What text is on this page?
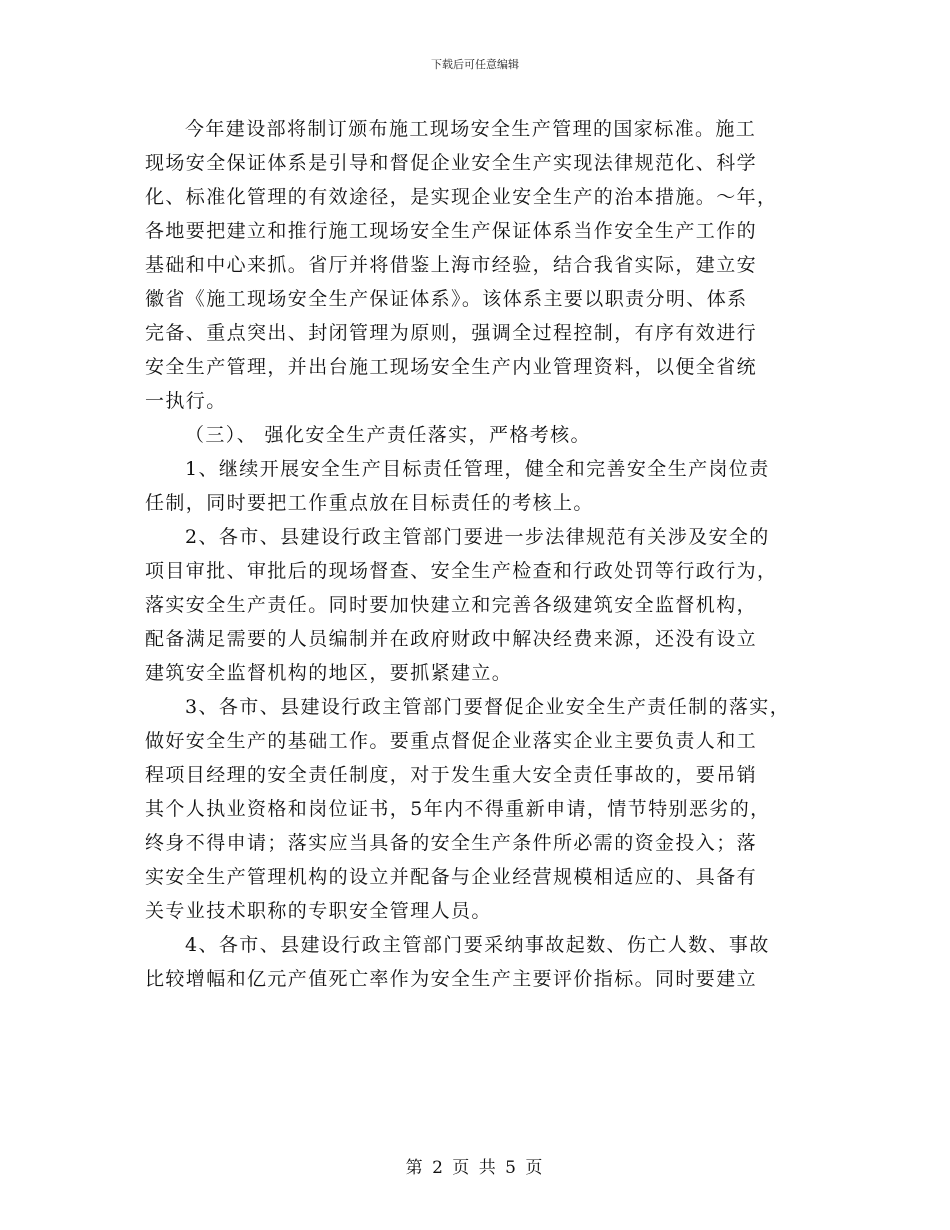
下载后可任意编辑
今年建设部将制订颁布施工现场安全生产管理的国家标准。施工
现场安全保证体系是引导和督促企业安全生产实现法律规范化、科学
化、标准化管理的有效途径，是实现企业安全生产的治本措施。～年，
各地要把建立和推行施工现场安全生产保证体系当作安全生产工作的
基础和中心来抓。省厅并将借鉴上海市经验，结合我省实际，建立安
徽省《施工现场安全生产保证体系》。该体系主要以职责分明、体系
完备、重点突出、封闭管理为原则，强调全过程控制，有序有效进行
安全生产管理，并出台施工现场安全生产内业管理资料，以便全省统
一执行。
（三）、 强化安全生产责任落实，严格考核。
1、继续开展安全生产目标责任管理，健全和完善安全生产岗位责
任制，同时要把工作重点放在目标责任的考核上。
2、各市、县建设行政主管部门要进一步法律规范有关涉及安全的
项目审批、审批后的现场督查、安全生产检查和行政处罚等行政行为，
落实安全生产责任。同时要加快建立和完善各级建筑安全监督机构，
配备满足需要的人员编制并在政府财政中解决经费来源，还没有设立
建筑安全监督机构的地区，要抓紧建立。
3、各市、县建设行政主管部门要督促企业安全生产责任制的落实，
做好安全生产的基础工作。要重点督促企业落实企业主要负责人和工
程项目经理的安全责任制度，对于发生重大安全责任事故的，要吊销
其个人执业资格和岗位证书，5年内不得重新申请，情节特别恶劣的，
终身不得申请；落实应当具备的安全生产条件所必需的资金投入；落
实安全生产管理机构的设立并配备与企业经营规模相适应的、具备有
关专业技术职称的专职安全管理人员。
4、各市、县建设行政主管部门要采纳事故起数、伤亡人数、事故
比较增幅和亿元产值死亡率作为安全生产主要评价指标。同时要建立
第 2 页 共 5 页
